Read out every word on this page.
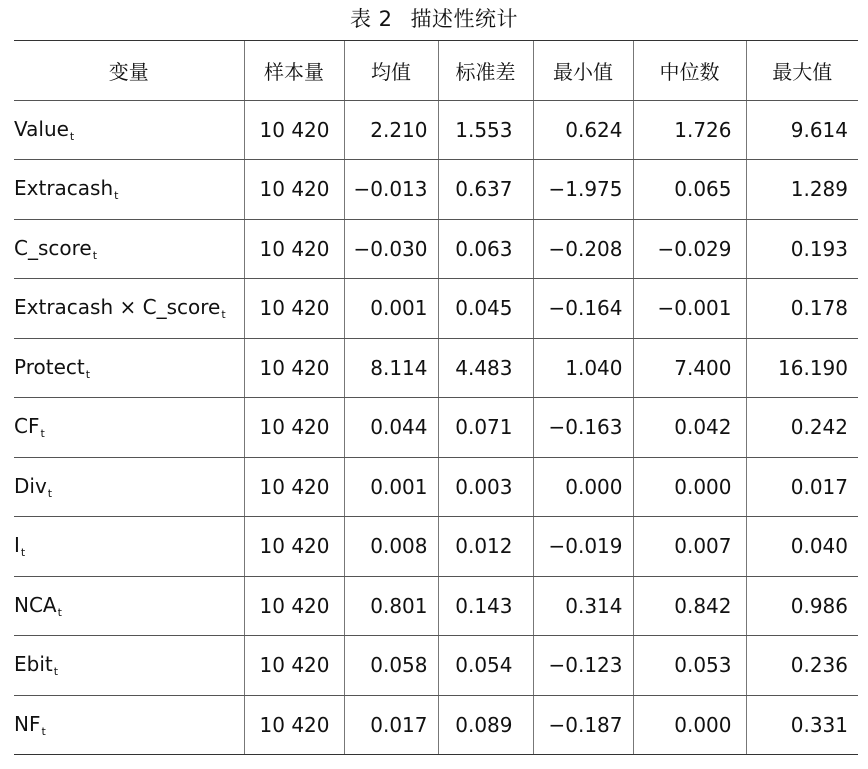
表 2 描述性统计
变量	样本量	均值	标准差	最小值	中位数	最大值
Value$_t$	10 420	2.210	1.553	0.624	1.726	9.614
Extracash$_t$	10 420	−0.013	0.637	−1.975	0.065	1.289
C_score$_t$	10 420	−0.030	0.063	−0.208	−0.029	0.193
Extracash × C_score$_t$	10 420	0.001	0.045	−0.164	−0.001	0.178
Protect$_t$	10 420	8.114	4.483	1.040	7.400	16.190
$CF_t$	10 420	0.044	0.071	−0.163	0.042	0.242
Div$_t$	10 420	0.001	0.003	0.000	0.000	0.017
$I_t$	10 420	0.008	0.012	−0.019	0.007	0.040
$NCA_t$	10 420	0.801	0.143	0.314	0.842	0.986
Ebit$_t$	10 420	0.058	0.054	−0.123	0.053	0.236
$NF_t$	10 420	0.017	0.089	−0.187	0.000	0.331
